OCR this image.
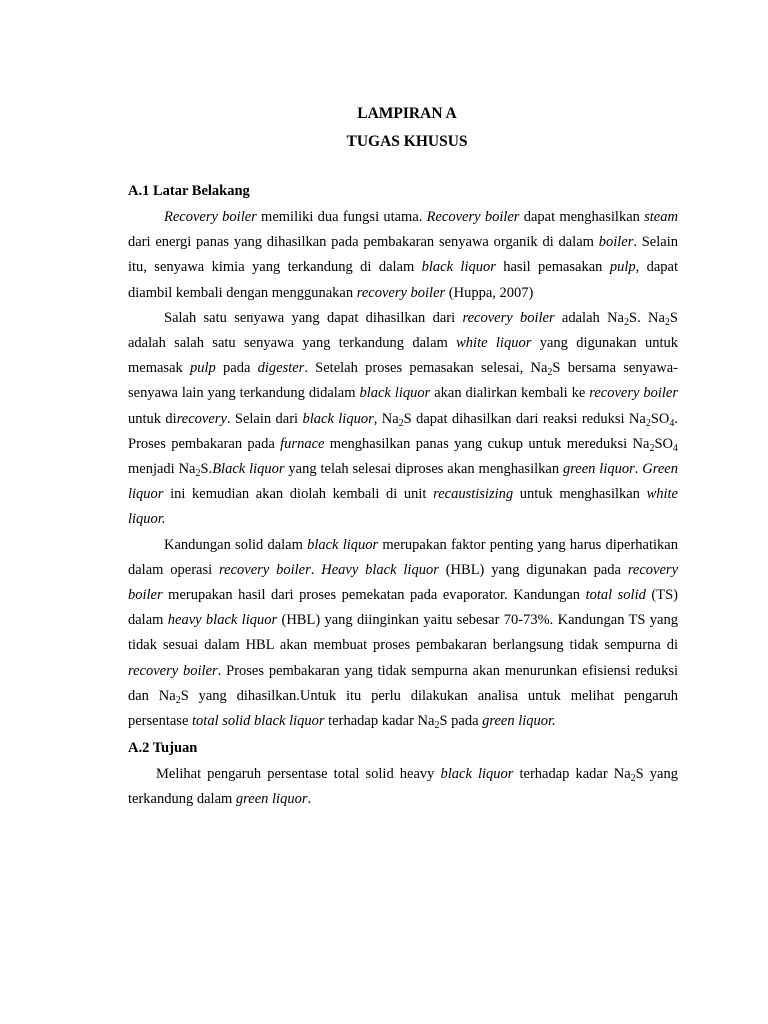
LAMPIRAN A
TUGAS KHUSUS
A.1 Latar Belakang

Recovery boiler memiliki dua fungsi utama. Recovery boiler dapat menghasilkan steam dari energi panas yang dihasilkan pada pembakaran senyawa organik di dalam boiler. Selain itu, senyawa kimia yang terkandung di dalam black liquor hasil pemasakan pulp, dapat diambil kembali dengan menggunakan recovery boiler (Huppa, 2007)

Salah satu senyawa yang dapat dihasilkan dari recovery boiler adalah $Na_2S$. $Na_2S$ adalah salah satu senyawa yang terkandung dalam white liquor yang digunakan untuk memasak pulp pada digester. Setelah proses pemasakan selesai, $Na_2S$ bersama senyawa-senyawa lain yang terkandung didalam black liquor akan dialirkan kembali ke recovery boiler untuk direcovery. Selain dari black liquor, $Na_2S$ dapat dihasilkan dari reaksi reduksi $Na_2SO_4$. Proses pembakaran pada furnace menghasilkan panas yang cukup untuk mereduksi $Na_2SO_4$ menjadi $Na_2S.Black$ liquor yang telah selesai diproses akan menghasilkan green liquor. Green liquor ini kemudian akan diolah kembali di unit recaustisizing untuk menghasilkan white liquor.

Kandungan solid dalam black liquor merupakan faktor penting yang harus diperhatikan dalam operasi recovery boiler. Heavy black liquor (HBL) yang digunakan pada recovery boiler merupakan hasil dari proses pemekatan pada evaporator. Kandungan total solid (TS) dalam heavy black liquor (HBL) yang diinginkan yaitu sebesar 70-73%. Kandungan TS yang tidak sesuai dalam HBL akan membuat proses pembakaran berlangsung tidak sempurna di recovery boiler. Proses pembakaran yang tidak sempurna akan menurunkan efisiensi reduksi dan $Na_2S$ yang dihasilkan.Untuk itu perlu dilakukan analisa untuk melihat pengaruh persentase total solid black liquor terhadap kadar $Na_2S$ pada green liquor.

A.2 Tujuan

Melihat pengaruh persentase total solid heavy black liquor terhadap kadar $Na_2S$ yang terkandung dalam green liquor.
